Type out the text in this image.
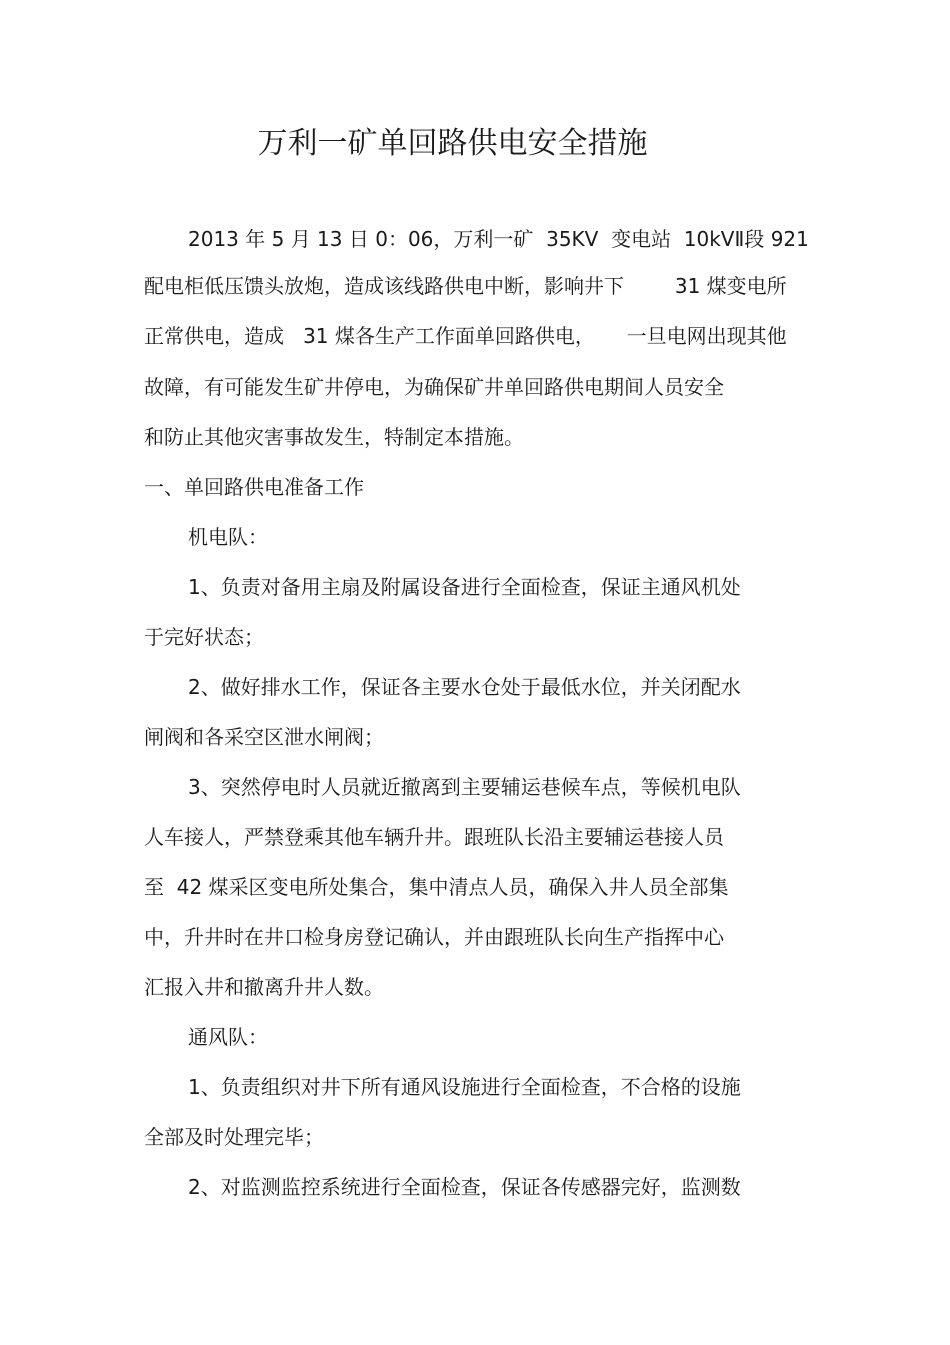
万利一矿单回路供电安全措施
2013 年 5 月 13 日 0：06，万利一矿  35KV  变电站  10kVⅡ段 921
配电柜低压馈头放炮，造成该线路供电中断，影响井下        31 煤变电所
正常供电，造成   31 煤各生产工作面单回路供电，     一旦电网出现其他
故障，有可能发生矿井停电，为确保矿井单回路供电期间人员安全
和防止其他灾害事故发生，特制定本措施。
一、单回路供电准备工作
机电队：
1、负责对备用主扇及附属设备进行全面检查，保证主通风机处
于完好状态；
2、做好排水工作，保证各主要水仓处于最低水位，并关闭配水
闸阀和各采空区泄水闸阀；
3、突然停电时人员就近撤离到主要辅运巷候车点，等候机电队
人车接人，严禁登乘其他车辆升井。跟班队长沿主要辅运巷接人员
至  42 煤采区变电所处集合，集中清点人员，确保入井人员全部集
中，升井时在井口检身房登记确认，并由跟班队长向生产指挥中心
汇报入井和撤离升井人数。
通风队：
1、负责组织对井下所有通风设施进行全面检查，不合格的设施
全部及时处理完毕；
2、对监测监控系统进行全面检查，保证各传感器完好，监测数
